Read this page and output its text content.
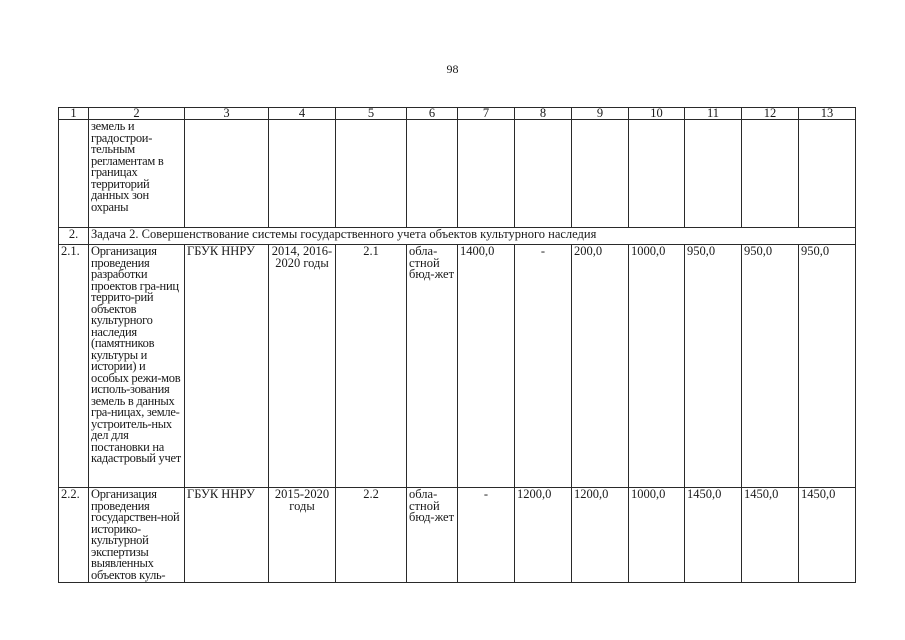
98
1	2	3	4	5	6	7	8	9	10	11	12	13
	земель и градострои-тельным регламентам в границах территорий данных зон охраны											
2.	Задача 2. Совершенствование системы государственного учета объектов культурного наследия											
2.1.	Организация проведения разработки проектов гра-ниц террито-рий объектов культурного наследия (памятников культуры и истории) и особых режи-мов исполь-зования земель в данных гра-ницах, земле-устроитель-ных дел для постановки на кадастровый учет	ГБУК ННРУ	2014, 2016-2020 годы	2.1	обла-стной бюд-жет	1400,0	-	200,0	1000,0	950,0	950,0	950,0
2.2.	Организация проведения государствен-ной историко-культурной экспертизы выявленных объектов куль-	ГБУК ННРУ	2015-2020 годы	2.2	обла-стной бюд-жет	-	1200,0	1200,0	1000,0	1450,0	1450,0	1450,0
